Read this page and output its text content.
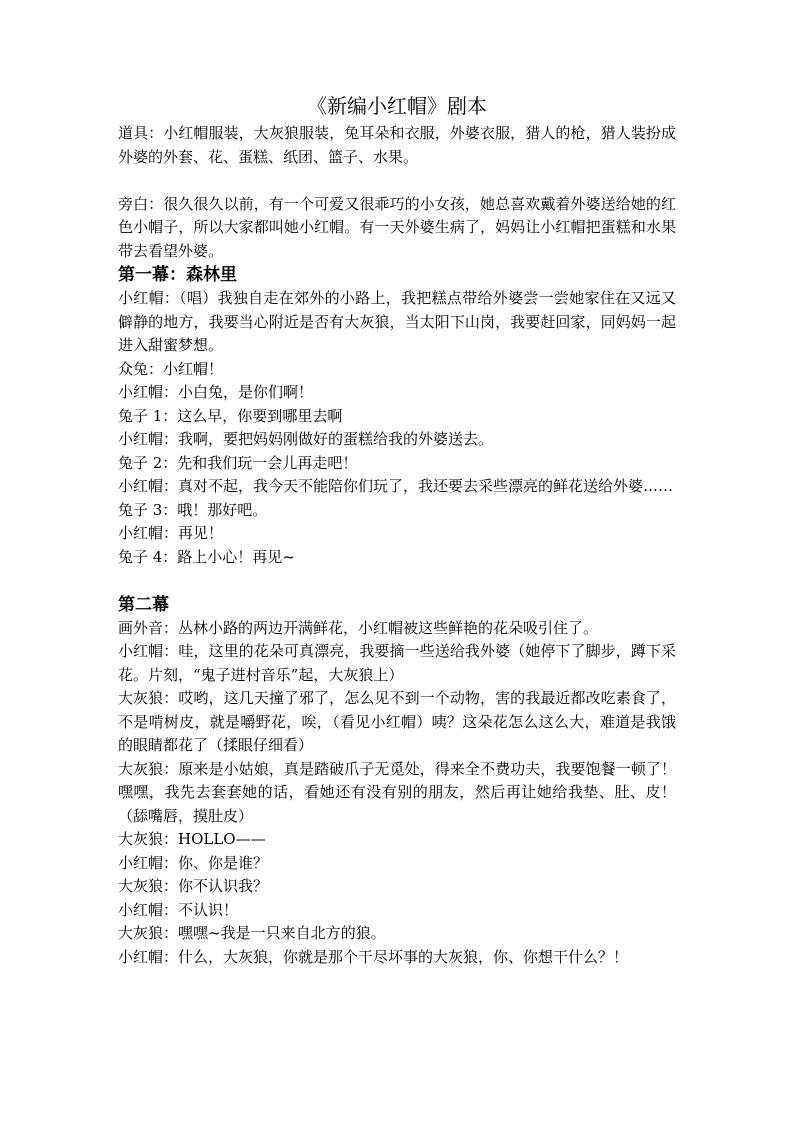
《新编小红帽》剧本

道具：小红帽服装，大灰狼服装，兔耳朵和衣服，外婆衣服，猎人的枪，猎人装扮成外婆的外套、花、蛋糕、纸团、篮子、水果。

旁白：很久很久以前，有一个可爱又很乖巧的小女孩，她总喜欢戴着外婆送给她的红色小帽子，所以大家都叫她小红帽。有一天外婆生病了，妈妈让小红帽把蛋糕和水果带去看望外婆。

第一幕：森林里

小红帽：（唱）我独自走在郊外的小路上，我把糕点带给外婆尝一尝她家住在又远又僻静的地方，我要当心附近是否有大灰狼，当太阳下山岗，我要赶回家，同妈妈一起进入甜蜜梦想。

众兔：小红帽！

小红帽：小白兔，是你们啊！

兔子 1：这么早，你要到哪里去啊

小红帽：我啊，要把妈妈刚做好的蛋糕给我的外婆送去。

兔子 2：先和我们玩一会儿再走吧！

小红帽：真对不起，我今天不能陪你们玩了，我还要去采些漂亮的鲜花送给外婆……

兔子 3：哦！那好吧。

小红帽：再见！

兔子 4：路上小心！再见~

第二幕

画外音：丛林小路的两边开满鲜花，小红帽被这些鲜艳的花朵吸引住了。

小红帽：哇，这里的花朵可真漂亮，我要摘一些送给我外婆（她停下了脚步，蹲下采花。片刻，“鬼子进村音乐”起，大灰狼上）

大灰狼：哎哟，这几天撞了邪了，怎么见不到一个动物，害的我最近都改吃素食了，不是啃树皮，就是嚼野花，唉，（看见小红帽）咦？这朵花怎么这么大，难道是我饿的眼睛都花了（揉眼仔细看）

大灰狼：原来是小姑娘，真是踏破爪子无觅处，得来全不费功夫，我要饱餐一顿了！嘿嘿，我先去套套她的话，看她还有没有别的朋友，然后再让她给我垫、肚、皮！（舔嘴唇，摸肚皮）

大灰狼：HOLLO——

小红帽：你、你是谁？

大灰狼：你不认识我？

小红帽：不认识！

大灰狼：嘿嘿~我是一只来自北方的狼。

小红帽：什么，大灰狼，你就是那个干尽坏事的大灰狼，你、你想干什么？！
